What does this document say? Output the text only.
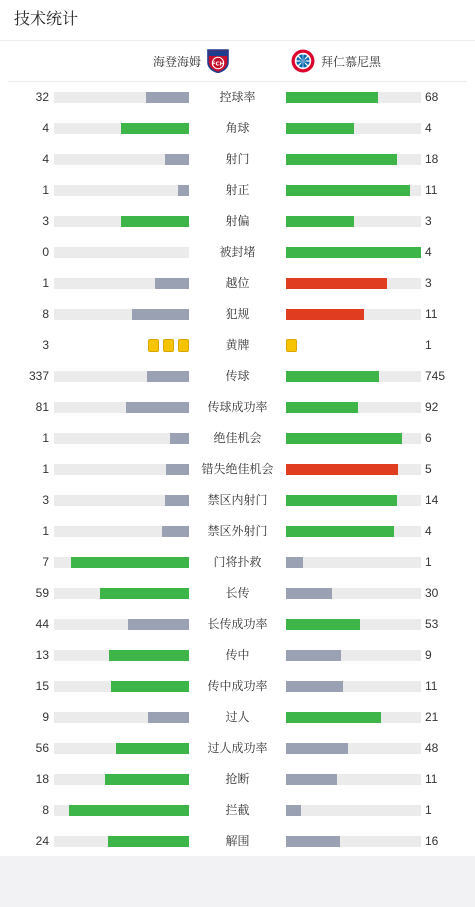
技术统计
海登海姆 FCH	拜仁慕尼黑
32	控球率	68
4	角球	4
4	射门	18
1	射正	11
3	射偏	3
0	被封堵	4
1	越位	3
8	犯规	11
3	黄牌	1
337	传球	745
81	传球成功率	92
1	绝佳机会	6
1	错失绝佳机会	5
3	禁区内射门	14
1	禁区外射门	4
7	门将扑救	1
59	长传	30
44	长传成功率	53
13	传中	9
15	传中成功率	11
9	过人	21
56	过人成功率	48
18	抢断	11
8	拦截	1
24	解围	16
